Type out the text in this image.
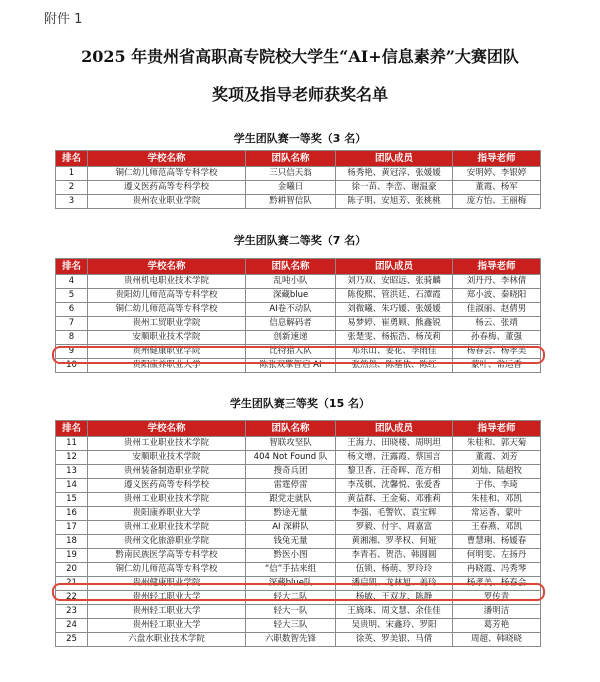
附件 1
2025 年贵州省高职高专院校大学生“AI+信息素养”大赛团队
奖项及指导老师获奖名单
学生团队赛一等奖（3 名）
排名	学校名称	团队名称	团队成员	指导老师
1	铜仁幼儿师范高等专科学校	三只信天翁	杨秀艳、黄冠淳、张媛媛	安明婷、李银婷
2	遵义医药高等专科学校	金曦日	徐一苗、李峦、谢温豪	董霞、杨军
3	贵州农业职业学院	黔耕智信队	陈子明、安旭芳、张桃桃	庞方怡、王丽梅
学生团队赛二等奖（7 名）
排名	学校名称	团队名称	团队成员	指导老师
4	贵州机电职业技术学院	乱吨小队	刘乃双、安昭远、张骑麟	刘丹丹、李林倩
5	贵阳幼儿师范高等专科学校	深藏blue	陈俊熙、管洪廷、石潭霞	郑小波、秦晓阳
6	铜仁幼儿师范高等专科学校	AI卷不动队	刘微曦、朱巧媛、张媛媛	佳淑丽、赵倩男
7	贵州工贸职业学院	信息解码者	易梦婷、崔勇顾、熊鑫锐	杨云、张靖
8	安顺职业技术学院	创新速递	张楚雯、杨振浩、杨茂莉	孙春梅、董强
9	贵州健康职业学院	比特猎人队	邓东山、姜花、李雨佳	杨春会、杨孝美
10	贵阳康养职业大学	陈张双擎智启 AI	张然然、陈基依、陈红	蒙叶、常运香
学生团队赛三等奖（15 名）
排名	学校名称	团队名称	团队成员	指导老师
11	贵州工业职业技术学院	智联攻坚队	王海力、田晓楼、周明坦	朱桂和、郭天菊
12	安顺职业技术学院	404 Not Found 队	杨文增、汪露霞、蔡国言	董霞、刘芳
13	贵州装备制造职业学院	搜奇兵团	黎卫香、汪奇晖、范方相	刘灿、陆超牧
14	遵义医药高等专科学校	雷霆停雷	李茂棋、沈馨悦、张爱香	于伟、李琦
15	贵州工业职业技术学院	跟党走就队	黄益群、王金菊、邓雅莉	朱桂和、邓凯
16	贵阳康养职业大学	黔途无量	李强、毛警钦、袁宝辉	常运香、蒙叶
17	贵州工业职业技术学院	AI 深耕队	罗毅、付宇、周嘉富	王春燕、邓凯
18	贵州文化旅游职业学院	钱兔无量	黄湘湘、罗孝权、何娅	曹慧琍、杨媛春
19	黔南民族医学高等专科学校	黔医小图	李青若、贺浩、韩圆圆	何明雯、左扬丹
20	铜仁幼儿师范高等专科学校	“信”手拈来组	伍锁、杨萌、罗玲玲	冉晓霞、冯秀琴
21	贵州健康职业学院	深藏blue队	潘启凯、龙林旭、姜玲	杨孝美、杨春会
22	贵州轻工职业大学	轻大二队	杨敏、王双龙、陈静	罗传青
23	贵州轻工职业大学	轻大一队	王旖珠、周文慧、余佳佳	潘明洁
24	贵州轻工职业大学	轻大三队	吴贵明、宋鑫玲、罗阳	葛芳艳
25	六盘水职业技术学院	六职数智先锋	徐英、罗美银、马倩	周超、韩晓晓
